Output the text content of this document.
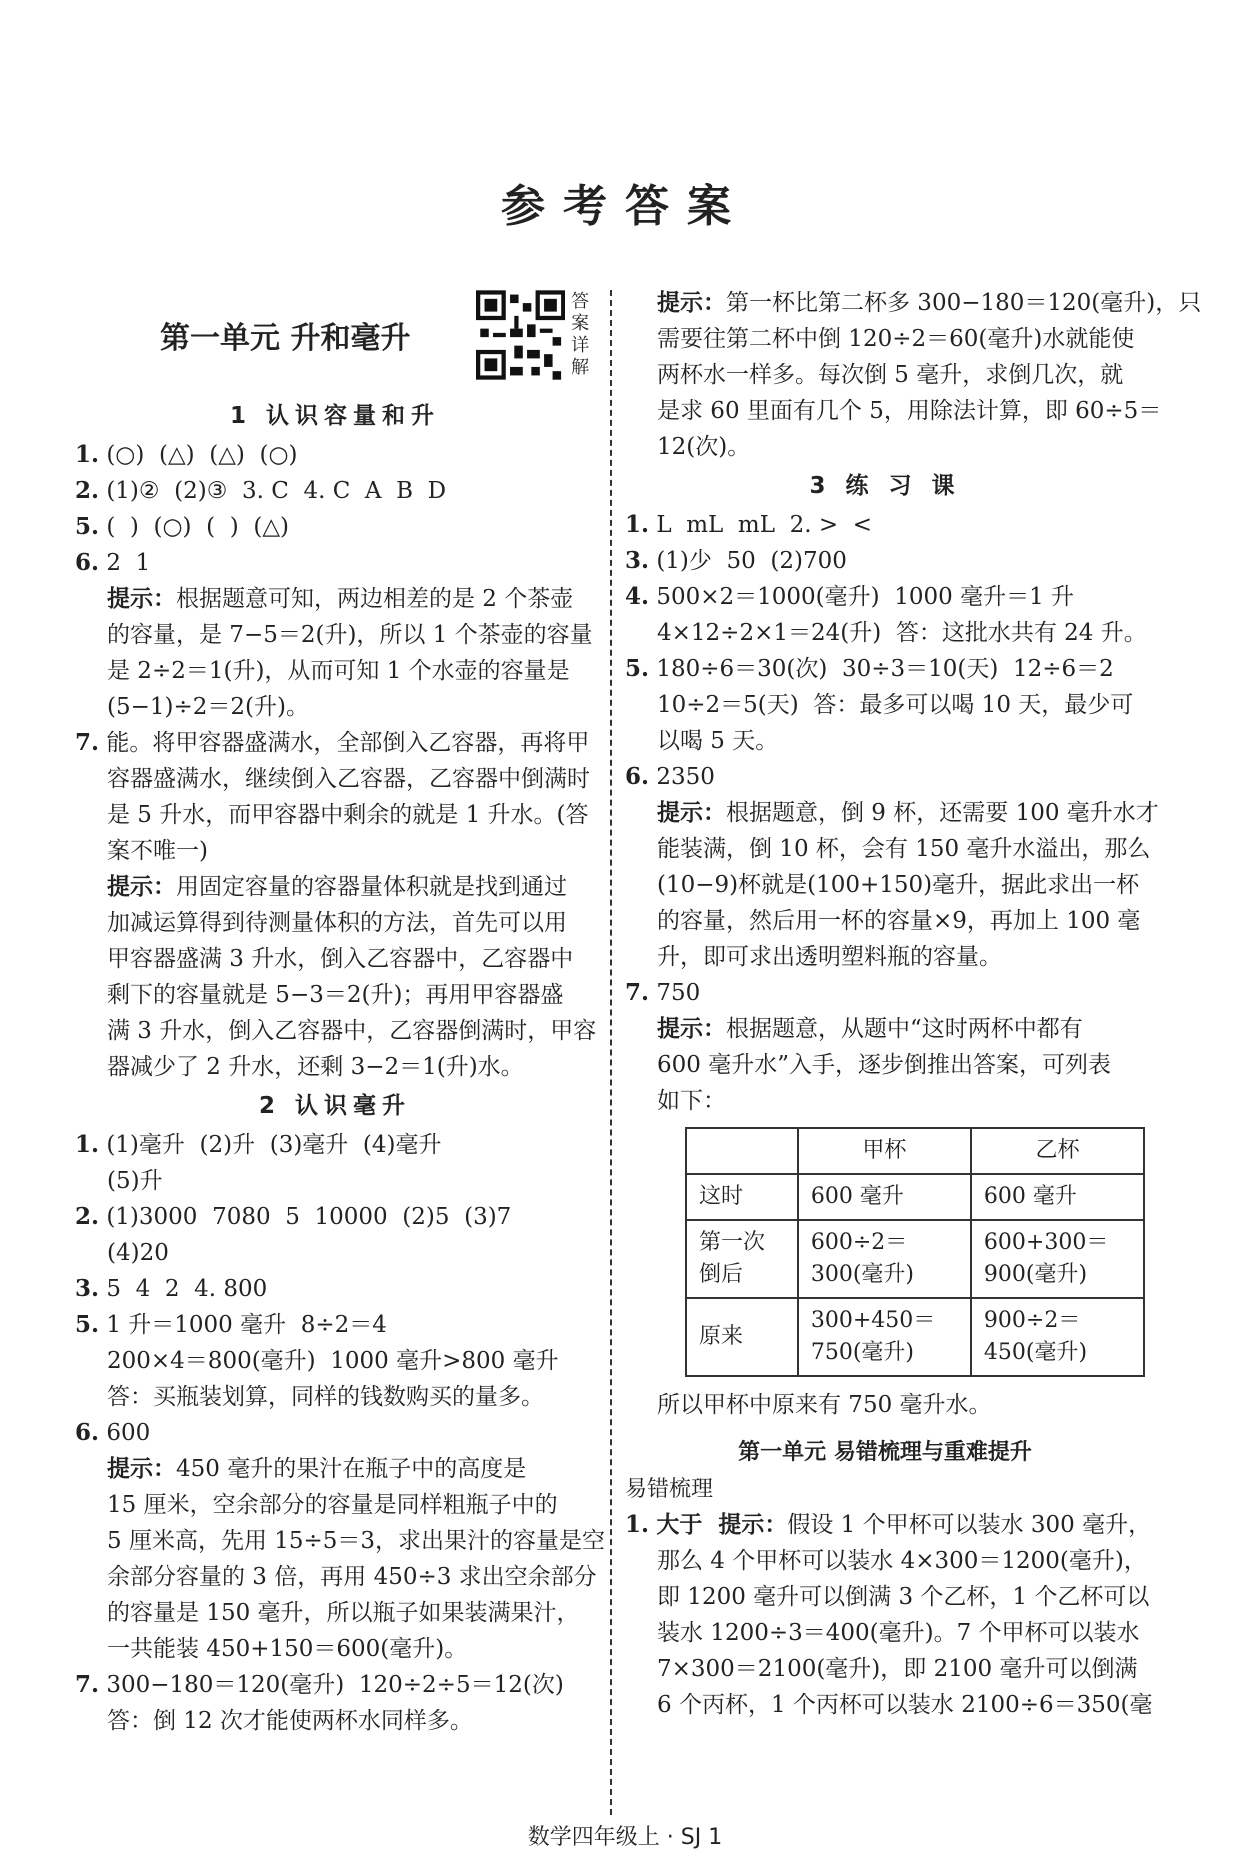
参考答案
第一单元 升和毫升
答
案
详
解
1 认识容量和升
1. (○)  (△)  (△)  (○)
2. (1)②  (2)③  3. C  4. C  A  B  D
5. (  )  (○)  (  )  (△)
6. 2  1
提示：根据题意可知，两边相差的是 2 个茶壶
的容量，是 7−5＝2(升)，所以 1 个茶壶的容量
是 2÷2＝1(升)，从而可知 1 个水壶的容量是
(5−1)÷2＝2(升)。
7. 能。将甲容器盛满水，全部倒入乙容器，再将甲
容器盛满水，继续倒入乙容器，乙容器中倒满时
是 5 升水，而甲容器中剩余的就是 1 升水。(答
案不唯一)
提示：用固定容量的容器量体积就是找到通过
加减运算得到待测量体积的方法，首先可以用
甲容器盛满 3 升水，倒入乙容器中，乙容器中
剩下的容量就是 5−3＝2(升)；再用甲容器盛
满 3 升水，倒入乙容器中，乙容器倒满时，甲容
器减少了 2 升水，还剩 3−2＝1(升)水。
2 认识毫升
1. (1)毫升  (2)升  (3)毫升  (4)毫升
(5)升
2. (1)3000  7080  5  10000  (2)5  (3)7
(4)20
3. 5  4  2  4. 800
5. 1 升＝1000 毫升  8÷2＝4
200×4＝800(毫升)  1000 毫升>800 毫升
答：买瓶装划算，同样的钱数购买的量多。
6. 600
提示：450 毫升的果汁在瓶子中的高度是
15 厘米，空余部分的容量是同样粗瓶子中的
5 厘米高，先用 15÷5＝3，求出果汁的容量是空
余部分容量的 3 倍，再用 450÷3 求出空余部分
的容量是 150 毫升，所以瓶子如果装满果汁，
一共能装 450+150＝600(毫升)。
7. 300−180＝120(毫升)  120÷2÷5＝12(次)
答：倒 12 次才能使两杯水同样多。
提示：第一杯比第二杯多 300−180＝120(毫升)，只
需要往第二杯中倒 120÷2＝60(毫升)水就能使
两杯水一样多。每次倒 5 毫升，求倒几次，就
是求 60 里面有几个 5，用除法计算，即 60÷5＝
12(次)。
3 练 习 课
1. L  mL  mL  2. >  <
3. (1)少  50  (2)700
4. 500×2＝1000(毫升)  1000 毫升＝1 升
4×12÷2×1＝24(升)  答：这批水共有 24 升。
5. 180÷6＝30(次)  30÷3＝10(天)  12÷6＝2
10÷2＝5(天)  答：最多可以喝 10 天，最少可
以喝 5 天。
6. 2350
提示：根据题意，倒 9 杯，还需要 100 毫升水才
能装满，倒 10 杯，会有 150 毫升水溢出，那么
(10−9)杯就是(100+150)毫升，据此求出一杯
的容量，然后用一杯的容量×9，再加上 100 毫
升，即可求出透明塑料瓶的容量。
7. 750
提示：根据题意，从题中“这时两杯中都有
600 毫升水”入手，逐步倒推出答案，可列表
如下：
	甲杯	乙杯
这时	600 毫升	600 毫升
第一次倒后	600÷2＝300(毫升)	600+300＝900(毫升)
原来	300+450＝750(毫升)	900÷2＝450(毫升)
所以甲杯中原来有 750 毫升水。
第一单元 易错梳理与重难提升
易错梳理
1. 大于  提示：假设 1 个甲杯可以装水 300 毫升，
那么 4 个甲杯可以装水 4×300＝1200(毫升)，
即 1200 毫升可以倒满 3 个乙杯，1 个乙杯可以
装水 1200÷3＝400(毫升)。7 个甲杯可以装水
7×300＝2100(毫升)，即 2100 毫升可以倒满
6 个丙杯，1 个丙杯可以装水 2100÷6＝350(毫
数学四年级上 · SJ 1
